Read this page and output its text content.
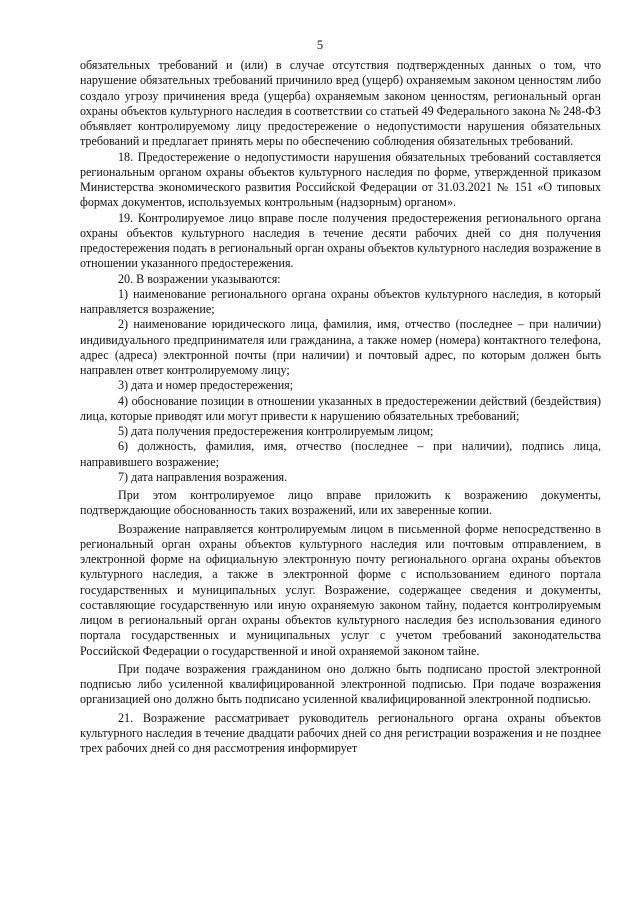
5

обязательных требований и (или) в случае отсутствия подтвержденных данных о том, что нарушение обязательных требований причинило вред (ущерб) охраняемым законом ценностям либо создало угрозу причинения вреда (ущерба) охраняемым законом ценностям, региональный орган охраны объектов культурного наследия в соответствии со статьей 49 Федерального закона № 248-ФЗ объявляет контролируемому лицу предостережение о недопустимости нарушения обязательных требований и предлагает принять меры по обеспечению соблюдения обязательных требований.

18. Предостережение о недопустимости нарушения обязательных требований составляется региональным органом охраны объектов культурного наследия по форме, утвержденной приказом Министерства экономического развития Российской Федерации от 31.03.2021 № 151 «О типовых формах документов, используемых контрольным (надзорным) органом».

19. Контролируемое лицо вправе после получения предостережения регионального органа охраны объектов культурного наследия в течение десяти рабочих дней со дня получения предостережения подать в региональный орган охраны объектов культурного наследия возражение в отношении указанного предостережения.

20. В возражении указываются:

1) наименование регионального органа охраны объектов культурного наследия, в который направляется возражение;

2) наименование юридического лица, фамилия, имя, отчество (последнее – при наличии) индивидуального предпринимателя или гражданина, а также номер (номера) контактного телефона, адрес (адреса) электронной почты (при наличии) и почтовый адрес, по которым должен быть направлен ответ контролируемому лицу;

3) дата и номер предостережения;

4) обоснование позиции в отношении указанных в предостережении действий (бездействия) лица, которые приводят или могут привести к нарушению обязательных требований;

5) дата получения предостережения контролируемым лицом;

6) должность, фамилия, имя, отчество (последнее – при наличии), подпись лица, направившего возражение;

7) дата направления возражения.

При этом контролируемое лицо вправе приложить к возражению документы, подтверждающие обоснованность таких возражений, или их заверенные копии.

Возражение направляется контролируемым лицом в письменной форме непосредственно в региональный орган охраны объектов культурного наследия или почтовым отправлением, в электронной форме на официальную электронную почту регионального органа охраны объектов культурного наследия, а также в электронной форме с использованием единого портала государственных и муниципальных услуг. Возражение, содержащее сведения и документы, составляющие государственную или иную охраняемую законом тайну, подается контролируемым лицом в региональный орган охраны объектов культурного наследия без использования единого портала государственных и муниципальных услуг с учетом требований законодательства Российской Федерации о государственной и иной охраняемой законом тайне.

При подаче возражения гражданином оно должно быть подписано простой электронной подписью либо усиленной квалифицированной электронной подписью. При подаче возражения организацией оно должно быть подписано усиленной квалифицированной электронной подписью.

21. Возражение рассматривает руководитель регионального органа охраны объектов культурного наследия в течение двадцати рабочих дней со дня регистрации возражения и не позднее трех рабочих дней со дня рассмотрения информирует
